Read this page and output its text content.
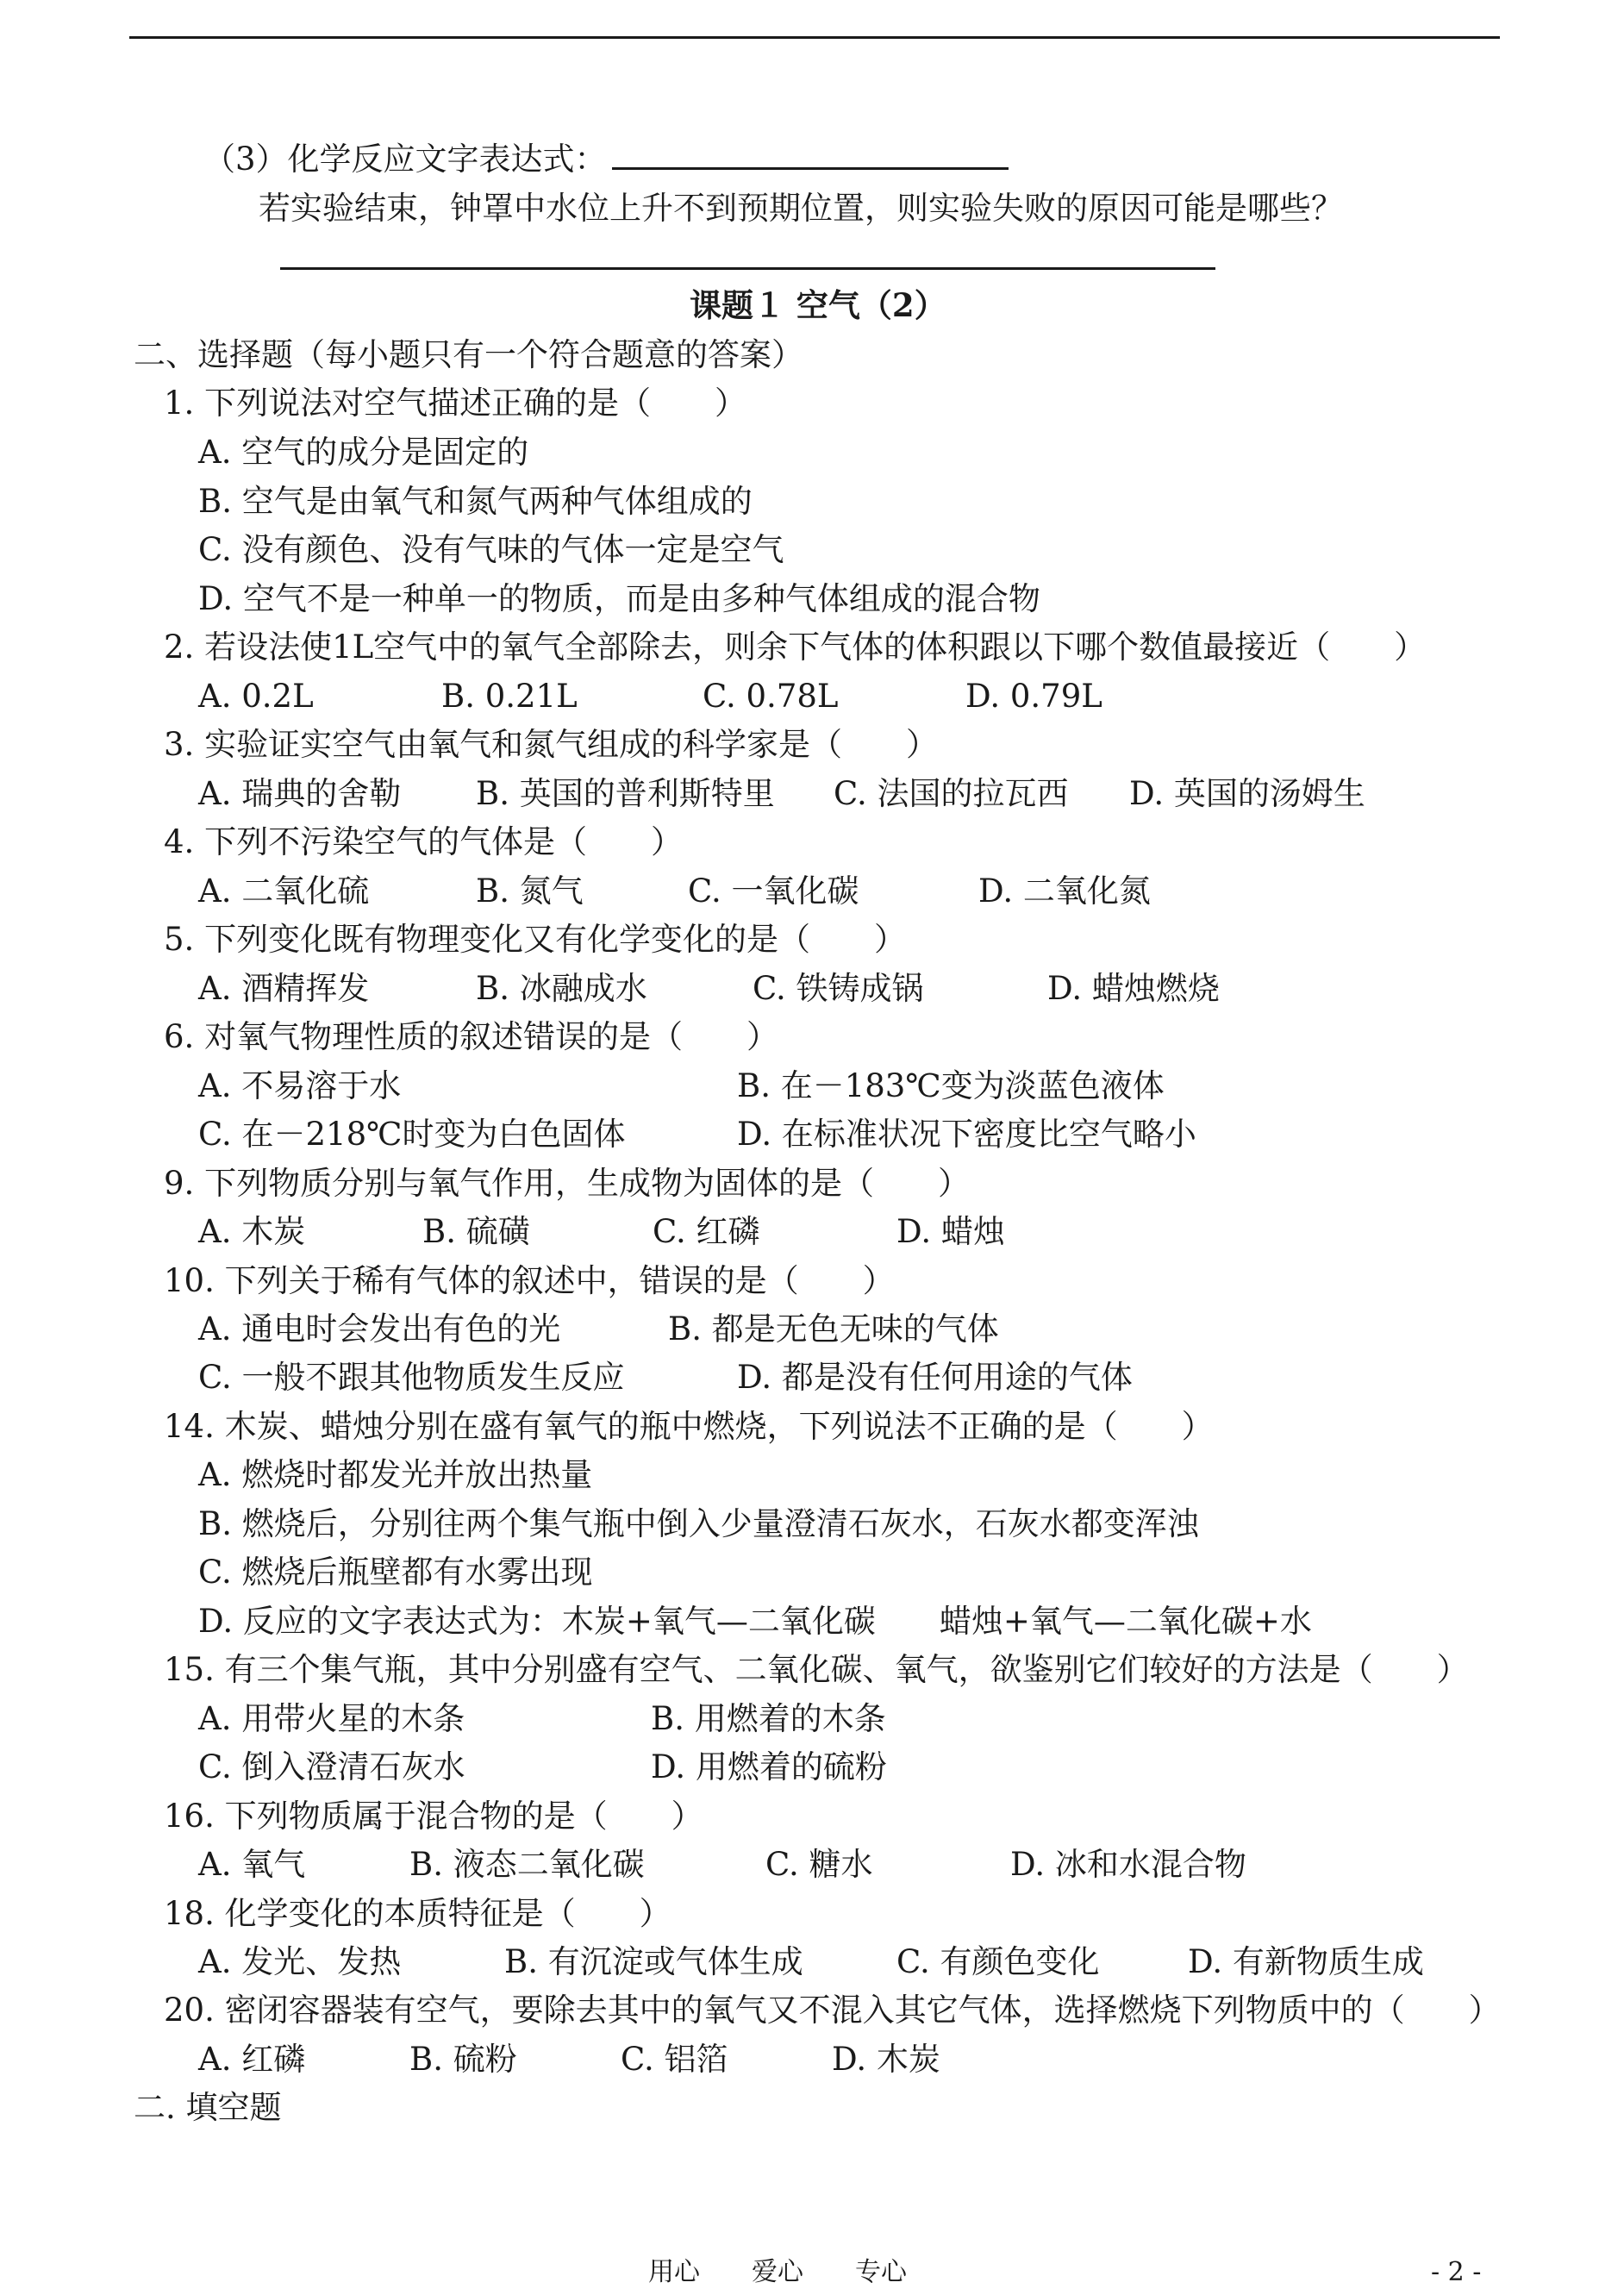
（3）化学反应文字表达式：
若实验结束，钟罩中水位上升不到预期位置，则实验失败的原因可能是哪些？
课题１ 空气（2）
二、选择题（每小题只有一个符合题意的答案）
1. 下列说法对空气描述正确的是（　　）
A. 空气的成分是固定的
B. 空气是由氧气和氮气两种气体组成的
C. 没有颜色、没有气味的气体一定是空气
D. 空气不是一种单一的物质，而是由多种气体组成的混合物
2. 若设法使1L空气中的氧气全部除去，则余下气体的体积跟以下哪个数值最接近（　　）
A. 0.2L	B. 0.21L	C. 0.78L	D. 0.79L
3. 实验证实空气由氧气和氮气组成的科学家是（　　）
A. 瑞典的舍勒 B. 英国的普利斯特里 C. 法国的拉瓦西 D. 英国的汤姆生
4. 下列不污染空气的气体是（　　）
A. 二氧化硫	B. 氮气	C. 一氧化碳	D. 二氧化氮
5. 下列变化既有物理变化又有化学变化的是（　　）
A. 酒精挥发	B. 冰融成水	C. 铁铸成锅	D. 蜡烛燃烧
6. 对氧气物理性质的叙述错误的是（　　）
A. 不易溶于水	B. 在－183℃变为淡蓝色液体
C. 在－218℃时变为白色固体	D. 在标准状况下密度比空气略小
9. 下列物质分别与氧气作用，生成物为固体的是（　　）
A. 木炭	B. 硫磺	C. 红磷	D. 蜡烛
10. 下列关于稀有气体的叙述中，错误的是（　　）
A. 通电时会发出有色的光	B. 都是无色无味的气体
C. 一般不跟其他物质发生反应	D. 都是没有任何用途的气体
14. 木炭、蜡烛分别在盛有氧气的瓶中燃烧，下列说法不正确的是（　　）
A. 燃烧时都发光并放出热量
B. 燃烧后，分别往两个集气瓶中倒入少量澄清石灰水，石灰水都变浑浊
C. 燃烧后瓶壁都有水雾出现
D. 反应的文字表达式为：木炭+氧气—二氧化碳　　蜡烛+氧气—二氧化碳+水
15. 有三个集气瓶，其中分别盛有空气、二氧化碳、氧气，欲鉴别它们较好的方法是（　　）
A. 用带火星的木条	B. 用燃着的木条
C. 倒入澄清石灰水	D. 用燃着的硫粉
16. 下列物质属于混合物的是（　　）
A. 氧气	B. 液态二氧化碳	C. 糖水	D. 冰和水混合物
18. 化学变化的本质特征是（　　）
A. 发光、发热	B. 有沉淀或气体生成	C. 有颜色变化	D. 有新物质生成
20. 密闭容器装有空气，要除去其中的氧气又不混入其它气体，选择燃烧下列物质中的（　　）
A. 红磷	B. 硫粉	C. 铝箔	D. 木炭
二. 填空题
用心　　爱心　　专心	- 2 -
